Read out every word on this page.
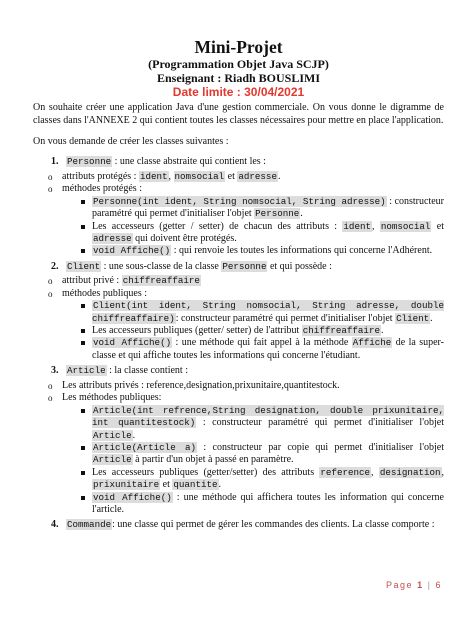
Mini-Projet
(Programmation Objet Java SCJP)
Enseignant : Riadh BOUSLIMI
Date limite : 30/04/2021

On souhaite créer une application Java d'une gestion commerciale. On vous donne le digramme de classes dans l'ANNEXE 2 qui contient toutes les classes nécessaires pour mettre en place l'application.

On vous demande de créer les classes suivantes :

1. Personne : une classe abstraite qui contient les :
o attributs protégés : ident, nomsocial et adresse.
o méthodes protégés :
Personne(int ident, String nomsocial, String adresse) : constructeur paramétré qui permet d'initialiser l'objet Personne.
Les accesseurs (getter / setter) de chacun des attributs : ident, nomsocial et adresse qui doivent être protégés.
void Affiche() : qui renvoie les toutes les informations qui concerne l'Adhérent.
2. Client : une sous-classe de la classe Personne et qui possède :
o attribut privé : chiffreaffaire
o méthodes publiques :
Client(int ident, String nomsocial, String adresse, double chiffreaffaire): constructeur paramétré qui permet d'initialiser l'objet Client.
Les accesseurs publiques (getter/ setter) de l'attribut chiffreaffaire.
void Affiche() : une méthode qui fait appel à la méthode Affiche de la super-classe et qui affiche toutes les informations qui concerne l'étudiant.
3. Article : la classe contient :
o Les attributs privés : reference,designation,prixunitaire,quantitestock.
o Les méthodes publiques:
Article(int refrence,String designation, double prixunitaire, int quantitestock) : constructeur paramétré qui permet d'initialiser l'objet Article.
Article(Article a) : constructeur par copie qui permet d'initialiser l'objet Article à partir d'un objet à passé en paramètre.
Les accesseurs publiques (getter/setter) des attributs reference, designation, prixunitaire et quantite.
void Affiche() : une méthode qui affichera toutes les information qui concerne l'article.
4. Commande: une classe qui permet de gérer les commandes des clients. La classe comporte :
Page 1 | 6
